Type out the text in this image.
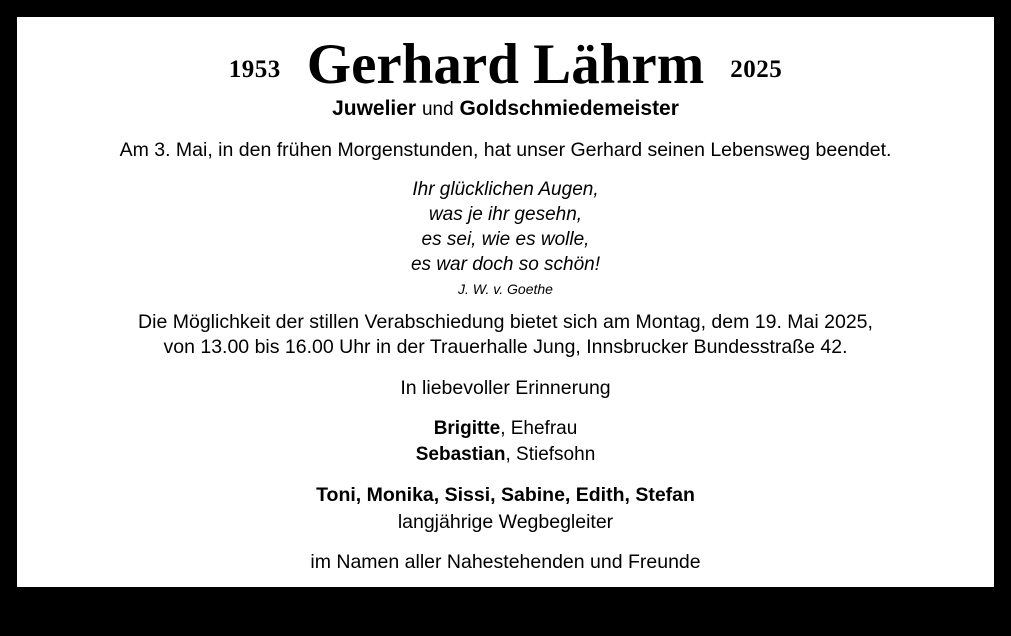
1953 Gerhard Lährm 2025
Juwelier und Goldschmiedemeister
Am 3. Mai, in den frühen Morgenstunden, hat unser Gerhard seinen Lebensweg beendet.
Ihr glücklichen Augen,
was je ihr gesehn,
es sei, wie es wolle,
es war doch so schön!
J. W. v. Goethe
Die Möglichkeit der stillen Verabschiedung bietet sich am Montag, dem 19. Mai 2025,
von 13.00 bis 16.00 Uhr in der Trauerhalle Jung, Innsbrucker Bundesstraße 42.
In liebevoller Erinnerung
Brigitte, Ehefrau
Sebastian, Stiefsohn
Toni, Monika, Sissi, Sabine, Edith, Stefan
langjährige Wegbegleiter
im Namen aller Nahestehenden und Freunde
Anstelle von Blumen und Kränzen bitten wir um eine Spende zugunsten der Hospiz-Bewegung Salzburg
„Verein für Lebensbegleitung / Tageshospiz“, IBAN: AT36 2040 4019 0019 5362, mit dem Verwendungszweck „Gerhard Lährm“.
